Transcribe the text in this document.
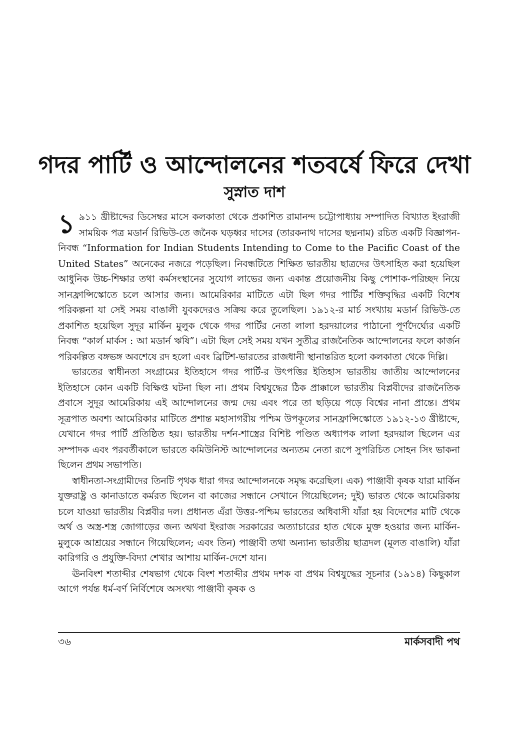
গদর পার্টি ও আন্দোলনের শতবর্ষে ফিরে দেখা
সুস্নাত দাশ

১ ৯১১ খ্রীষ্টাব্দের ডিসেম্বর মাসে কলকাতা থেকে প্রকাশিত রামানন্দ চট্টোপাধ্যায় সম্পাদিত বিখ্যাত ইংরাজী সাময়িক পত্র মডার্ন রিভিউ-তে জনৈক ঘড়ধ্বর দাসের (তারকনাথ দাসের ছদ্মনাম) রচিত একটি বিজ্ঞাপন-নিবন্ধ “Information for Indian Students Intending to Come to the Pacific Coast of the United States” অনেকের নজরে পড়েছিল। নিবন্ধটিতে শিক্ষিত ভারতীয় ছাত্রদের উৎসাহিত করা হয়েছিল আধুনিক উচ্চ-শিক্ষার তথা কর্মসংস্থানের সুযোগ লাভের জন্য একান্ত প্রয়োজনীয় কিছু পোশাক-পরিচ্ছদ নিয়ে সানফ্রান্সিস্কোতে চলে আসার জন্য। আমেরিকার মাটিতে এটা ছিল গদর পার্টির শক্তিবৃদ্ধির একটি বিশেষ পরিকল্পনা যা সেই সময় বাঙালী যুবকদেরও সক্রিয় করে তুলেছিল। ১৯১২-র মার্চ সংখ্যায় মডার্ন রিভিউ-তে প্রকাশিত হয়েছিল সুদূর মার্কিন মুলুক থেকে গদর পার্টির নেতা লালা হরদয়ালের পাঠানো পূর্ণদৈর্ঘ্যের একটি নিবন্ধ “কার্ল মার্কস : আ মডার্ন ঋষি”। এটা ছিল সেই সময় যখন সুতীব্র রাজনৈতিক আন্দোলনের ফলে কার্জন পরিকল্পিত বঙ্গভঙ্গ অবশেষে রদ হলো এবং ব্রিটিশ-ভারতের রাজধানী স্থানান্তরিত হলো কলকাতা থেকে দিল্লি।

ভারতের স্বাধীনতা সংগ্রামের ইতিহাসে গদর পার্টি-র উৎপত্তির ইতিহাস ভারতীয় জাতীয় আন্দোলনের ইতিহাসে কোন একটি বিক্ষিপ্ত ঘটনা ছিল না। প্রথম বিশ্বযুদ্ধের ঠিক প্রাক্কালে ভারতীয় বিপ্লবীদের রাজনৈতিক প্রবাসে সুদূর আমেরিকায় এই আন্দোলনের জন্ম দেয় এবং পরে তা ছড়িয়ে পড়ে বিশ্বের নানা প্রান্তে। প্রথম সূত্রপাত অবশ্য আমেরিকার মাটিতে প্রশান্ত মহাসাগরীয় পশ্চিম উপকূলের সানফ্রান্সিস্কোতে ১৯১২-১৩ খ্রীষ্টাব্দে, যেখানে গদর পার্টি প্রতিষ্ঠিত হয়। ভারতীয় দর্শন-শাস্ত্রের বিশিষ্ট পণ্ডিত অধ্যাপক লালা হরদয়াল ছিলেন এর সম্পাদক এবং পরবর্তীকালে ভারতে কমিউনিস্ট আন্দোলনের অন্যতম নেতা রূপে সুপরিচিত সোহন সিং ভাকনা ছিলেন প্রথম সভাপতি।

স্বাধীনতা-সংগ্রামীদের তিনটি পৃথক ধারা গদর আন্দোলনকে সমৃদ্ধ করেছিল। এক) পাঞ্জাবী কৃষক যারা মার্কিন যুক্তরাষ্ট্র ও কানাডাতে কর্মরত ছিলেন বা কাজের সন্ধানে সেখানে গিয়েছিলেন; দুই) ভারত থেকে আমেরিকায় চলে যাওয়া ভারতীয় বিপ্লবীর দল। প্রধানত এঁরা উত্তর-পশ্চিম ভারতের অধিবাসী যাঁরা হয় বিদেশের মাটি থেকে অর্থ ও অস্ত্র-শস্ত্র জোগাড়ের জন্য অথবা ইংরাজ সরকারের অত্যাচারের হাত থেকে মুক্ত হওয়ার জন্য মার্কিন-মুলুকে আশ্রয়ের সন্ধানে গিয়েছিলেন; এবং তিন) পাঞ্জাবী তথা অন্যান্য ভারতীয় ছাত্রদল (মূলত বাঙালি) যাঁরা কারিগরি ও প্রযুক্তি-বিদ্যা শেখার আশায় মার্কিন-দেশে যান।

ঊনবিংশ শতাব্দীর শেষভাগ থেকে বিংশ শতাব্দীর প্রথম দশক বা প্রথম বিশ্বযুদ্ধের সূচনার (১৯১৪) কিছুকাল আগে পর্যন্ত ধর্ম-বর্ণ নির্বিশেষে অসংখ্য পাঞ্জাবী কৃষক ও

৩৬	মার্কসবাদী পথ
